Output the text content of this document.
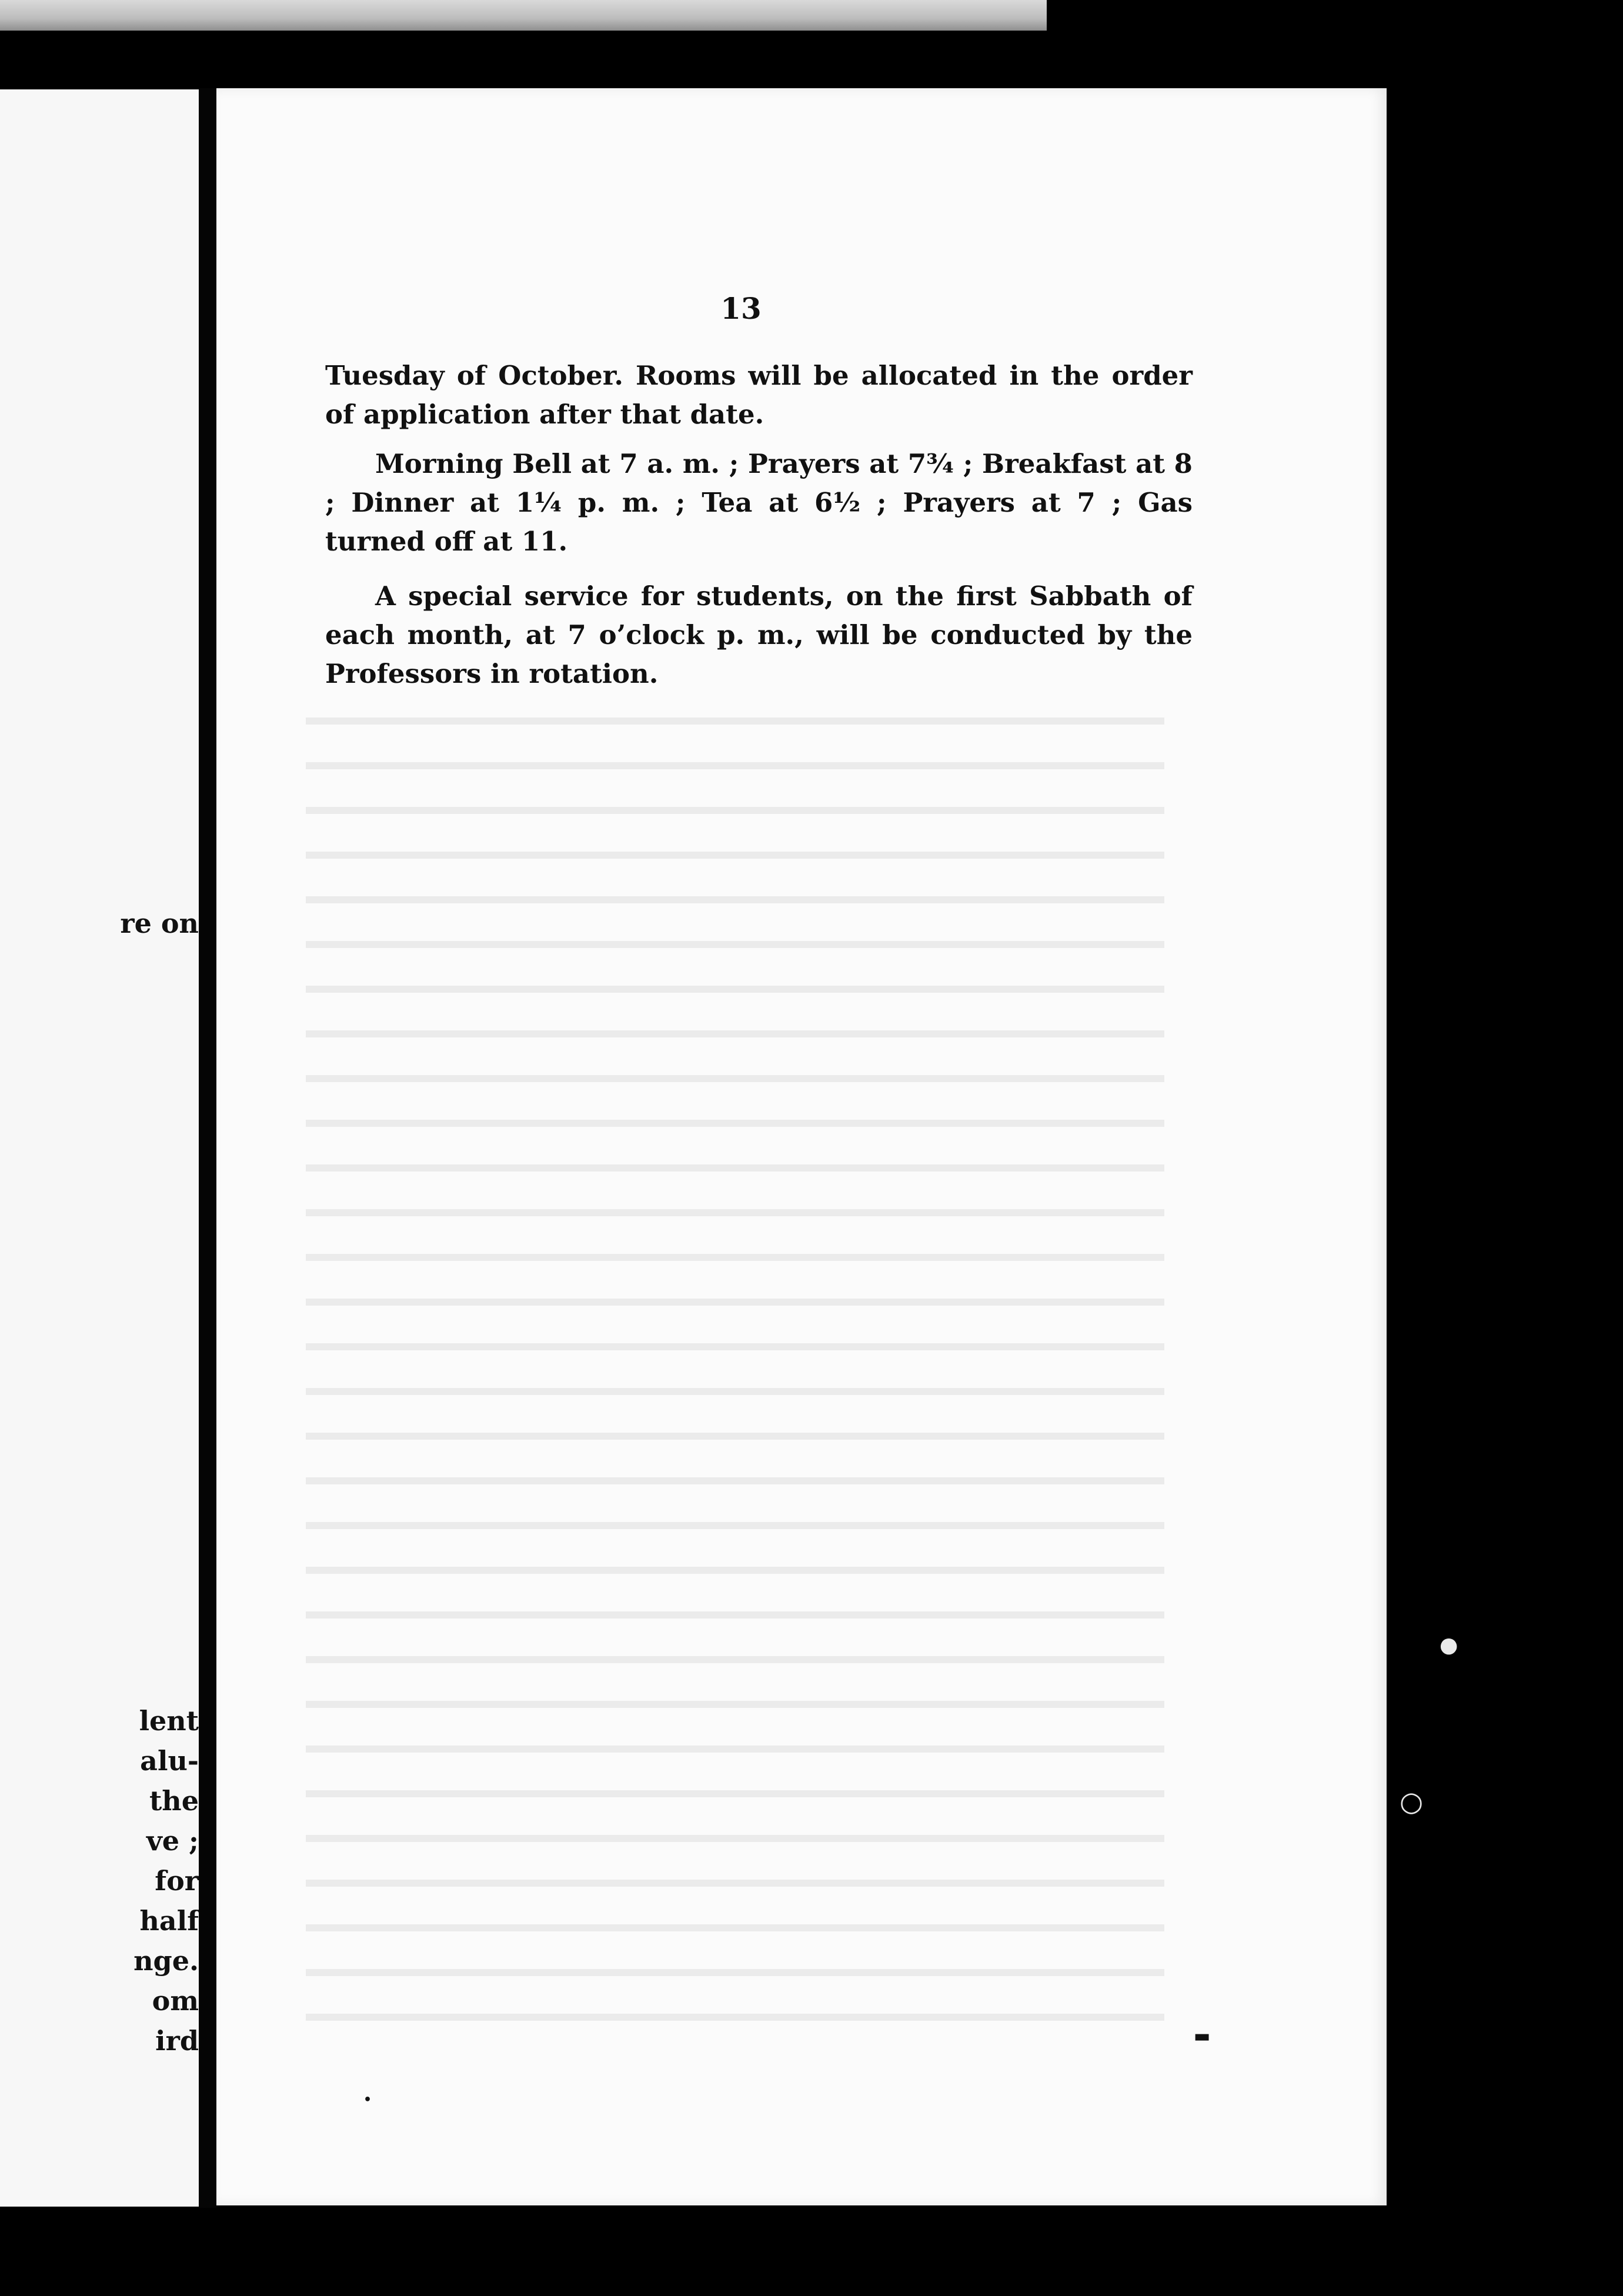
re on
lent
alu-
the
ve ;
for
half
nge.
om
ird
13
Tuesday of October. Rooms will be allocated in the order of application after that date.
Morning Bell at 7 a. m. ; Prayers at 7¾ ; Breakfast at 8 ; Dinner at 1¼ p. m. ; Tea at 6½ ; Prayers at 7 ; Gas turned off at 11.
A special service for students, on the first Sabbath of each month, at 7 o’clock p. m., will be conducted by the Professors in rotation.
•
▬
●
○
